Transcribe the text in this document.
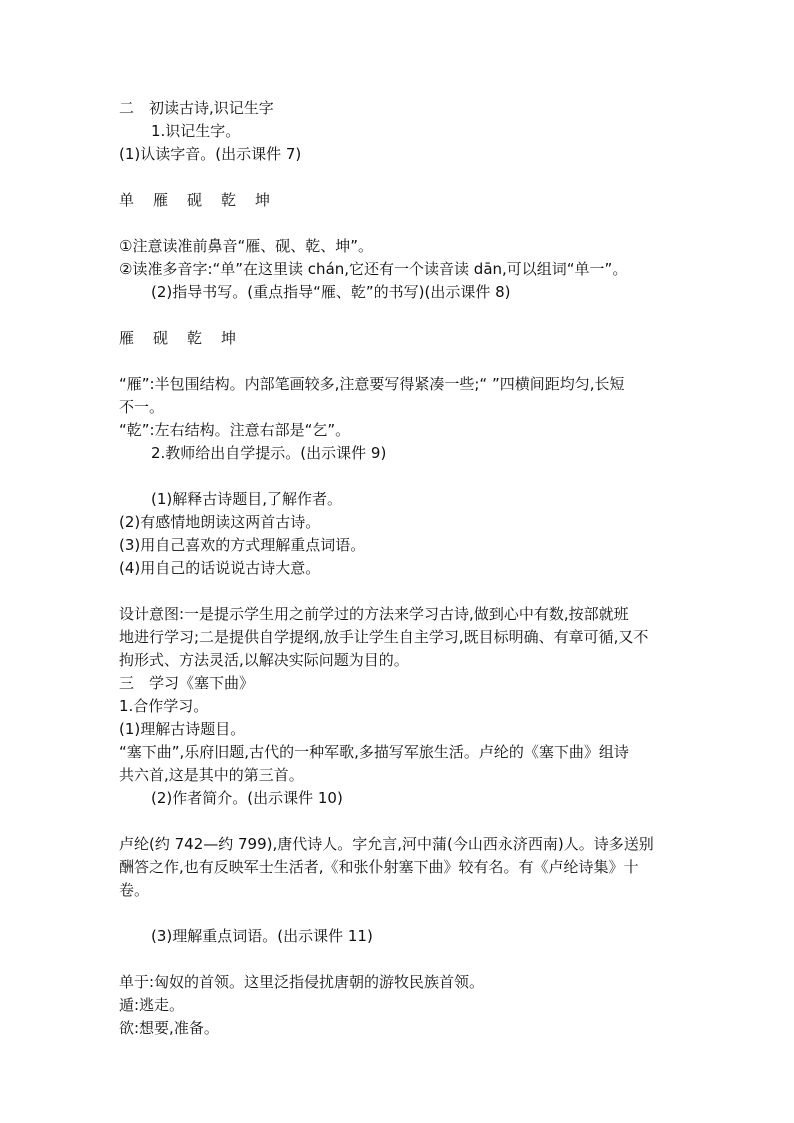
二　初读古诗,识记生字
1.识记生字。
(1)认读字音。(出示课件 7)
单　雁　砚　乾　坤
①注意读准前鼻音“雁、砚、乾、坤”。
②读准多音字:“单”在这里读 chán,它还有一个读音读 dān,可以组词“单一”。
(2)指导书写。(重点指导“雁、乾”的书写)(出示课件 8)
雁　砚　乾　坤
“雁”:半包围结构。内部笔画较多,注意要写得紧凑一些;“ ”四横间距均匀,长短
不一。
“乾”:左右结构。注意右部是“乞”。
2.教师给出自学提示。(出示课件 9)
(1)解释古诗题目,了解作者。
(2)有感情地朗读这两首古诗。
(3)用自己喜欢的方式理解重点词语。
(4)用自己的话说说古诗大意。
设计意图:一是提示学生用之前学过的方法来学习古诗,做到心中有数,按部就班
地进行学习;二是提供自学提纲,放手让学生自主学习,既目标明确、有章可循,又不
拘形式、方法灵活,以解决实际问题为目的。
三　学习《塞下曲》
1.合作学习。
(1)理解古诗题目。
“塞下曲”,乐府旧题,古代的一种军歌,多描写军旅生活。卢纶的《塞下曲》组诗
共六首,这是其中的第三首。
(2)作者简介。(出示课件 10)
卢纶(约 742—约 799),唐代诗人。字允言,河中蒲(今山西永济西南)人。诗多送别
酬答之作,也有反映军士生活者,《和张仆射塞下曲》较有名。有《卢纶诗集》十
卷。
(3)理解重点词语。(出示课件 11)
单于:匈奴的首领。这里泛指侵扰唐朝的游牧民族首领。
遁:逃走。
欲:想要,准备。
